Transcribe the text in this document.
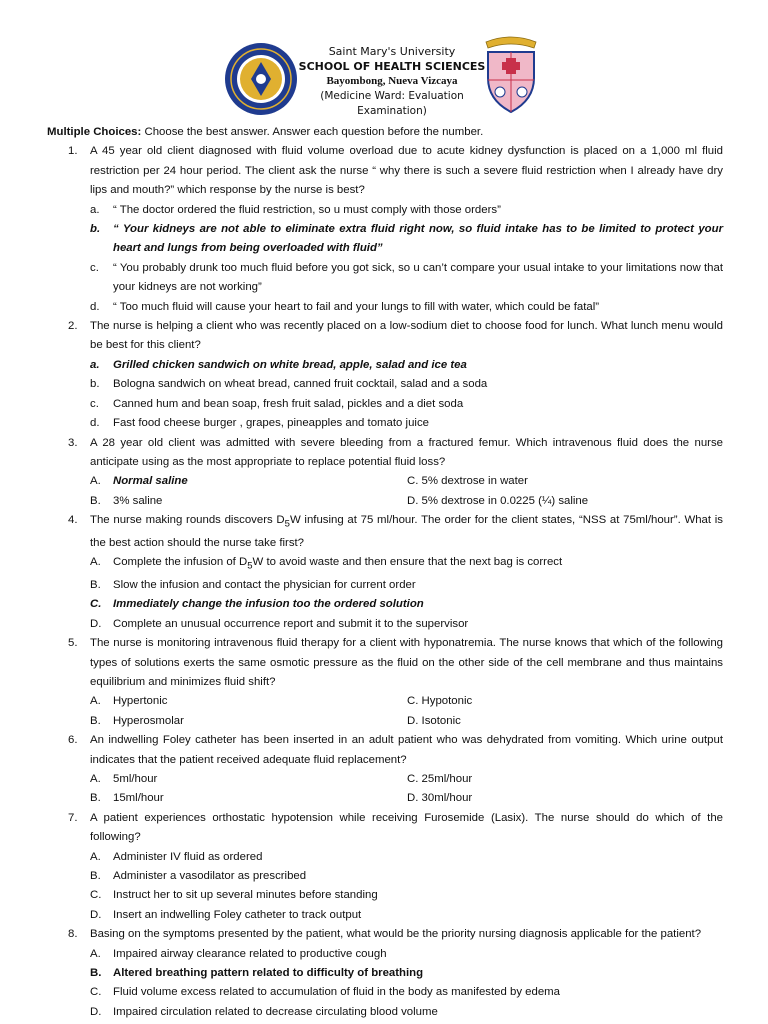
Saint Mary's University
SCHOOL OF HEALTH SCIENCES
Bayombong, Nueva Vizcaya
(Medicine Ward: Evaluation Examination)
Multiple Choices: Choose the best answer. Answer each question before the number.
1. A 45 year old client diagnosed with fluid volume overload due to acute kidney dysfunction is placed on a 1,000 ml fluid restriction per 24 hour period. The client ask the nurse “ why there is such a severe fluid restriction when I already have dry lips and mouth?” which response by the nurse is best?
a. “ The doctor ordered the fluid restriction, so u must comply with those orders”
b. “ Your kidneys are not able to eliminate extra fluid right now, so fluid intake has to be limited to protect your heart and lungs from being overloaded with fluid”
c. “ You probably drunk too much fluid before you got sick, so u can’t compare your usual intake to your limitations now that your kidneys are not working”
d. “ Too much fluid will cause your heart to fail and your lungs to fill with water, which could be fatal”
2. The nurse is helping a client who was recently placed on a low-sodium diet to choose food for lunch. What lunch menu would be best for this client?
a. Grilled chicken sandwich on white bread, apple, salad and ice tea
b. Bologna sandwich on wheat bread, canned fruit cocktail, salad and a soda
c. Canned hum and bean soap, fresh fruit salad, pickles and a diet soda
d. Fast food cheese burger , grapes, pineapples and tomato juice
3. A 28 year old client was admitted with severe bleeding from a fractured femur. Which intravenous fluid does the nurse anticipate using as the most appropriate to replace potential fluid loss?
A. Normal saline	C. 5% dextrose in water
B. 3% saline	D. 5% dextrose in 0.0225 (¼) saline
4. The nurse making rounds discovers $D_5W$ infusing at 75 ml/hour. The order for the client states, “NSS at 75ml/hour”. What is the best action should the nurse take first?
A. Complete the infusion of $D_5W$ to avoid waste and then ensure that the next bag is correct
B. Slow the infusion and contact the physician for current order
C. Immediately change the infusion too the ordered solution
D. Complete an unusual occurrence report and submit it to the supervisor
5. The nurse is monitoring intravenous fluid therapy for a client with hyponatremia. The nurse knows that which of the following types of solutions exerts the same osmotic pressure as the fluid on the other side of the cell membrane and thus maintains equilibrium and minimizes fluid shift?
A. Hypertonic	C. Hypotonic
B. Hyperosmolar	D. Isotonic
6. An indwelling Foley catheter has been inserted in an adult patient who was dehydrated from vomiting. Which urine output indicates that the patient received adequate fluid replacement?
A. 5ml/hour	C. 25ml/hour
B. 15ml/hour	D. 30ml/hour
7. A patient experiences orthostatic hypotension while receiving Furosemide (Lasix). The nurse should do which of the following?
A. Administer IV fluid as ordered
B. Administer a vasodilator as prescribed
C. Instruct her to sit up several minutes before standing
D. Insert an indwelling Foley catheter to track output
8. Basing on the symptoms presented by the patient, what would be the priority nursing diagnosis applicable for the patient?
A. Impaired airway clearance related to productive cough
B. Altered breathing pattern related to difficulty of breathing
C. Fluid volume excess related to accumulation of fluid in the body as manifested by edema
D. Impaired circulation related to decrease circulating blood volume
